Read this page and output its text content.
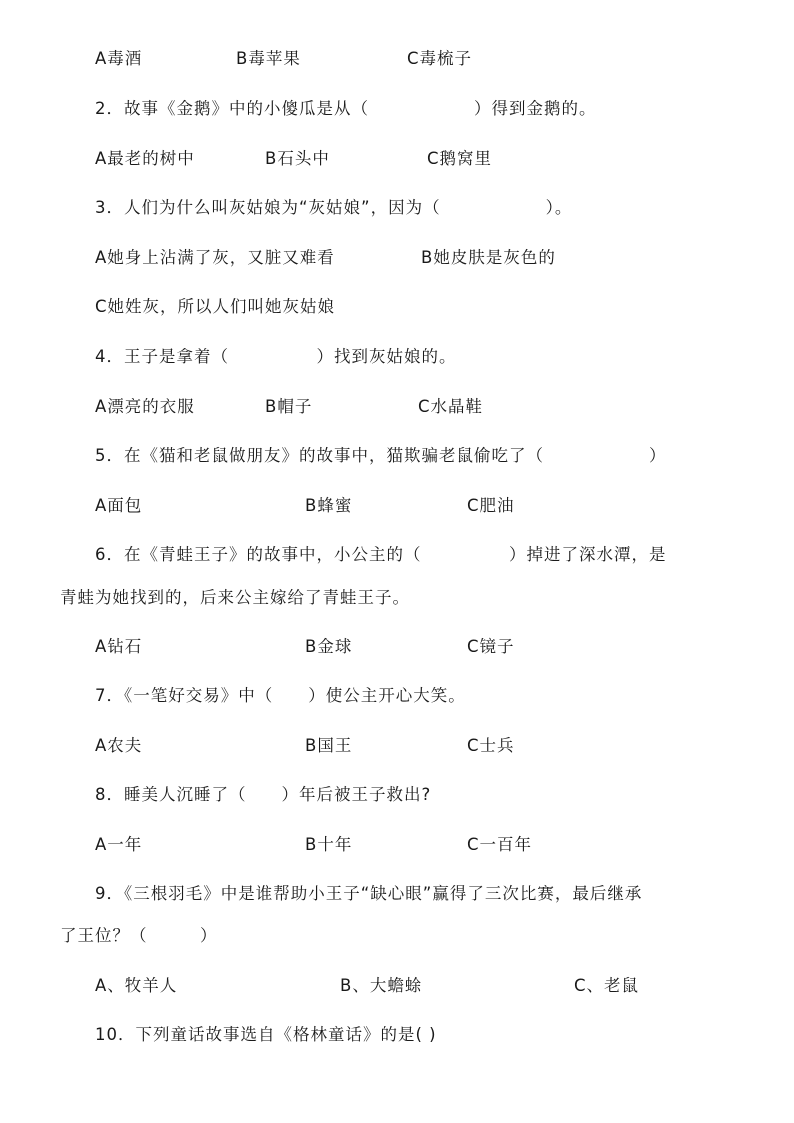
A毒酒	B毒苹果	C毒梳子
2．故事《金鹅》中的小傻瓜是从（　　　　　　）得到金鹅的。
A最老的树中	B石头中	C鹅窝里
3．人们为什么叫灰姑娘为“灰姑娘”，因为（　　　　　　）。
A她身上沾满了灰，又脏又难看	B她皮肤是灰色的
C她姓灰，所以人们叫她灰姑娘
4．王子是拿着（　　　　　）找到灰姑娘的。
A漂亮的衣服	B帽子	C水晶鞋
5．在《猫和老鼠做朋友》的故事中，猫欺骗老鼠偷吃了（　　　　　　）
A面包	B蜂蜜	C肥油
6．在《青蛙王子》的故事中，小公主的（　　　　　）掉进了深水潭，是
青蛙为她找到的，后来公主嫁给了青蛙王子。
A钻石	B金球	C镜子
7．《一笔好交易》中（　　）使公主开心大笑。
A农夫	B国王	C士兵
8．睡美人沉睡了（　　）年后被王子救出?
A一年	B十年	C一百年
9．《三根羽毛》中是谁帮助小王子“缺心眼”赢得了三次比赛，最后继承
了王位？（　　　）
A、牧羊人	B、大蟾蜍	C、老鼠
10．下列童话故事选自《格林童话》的是( )
